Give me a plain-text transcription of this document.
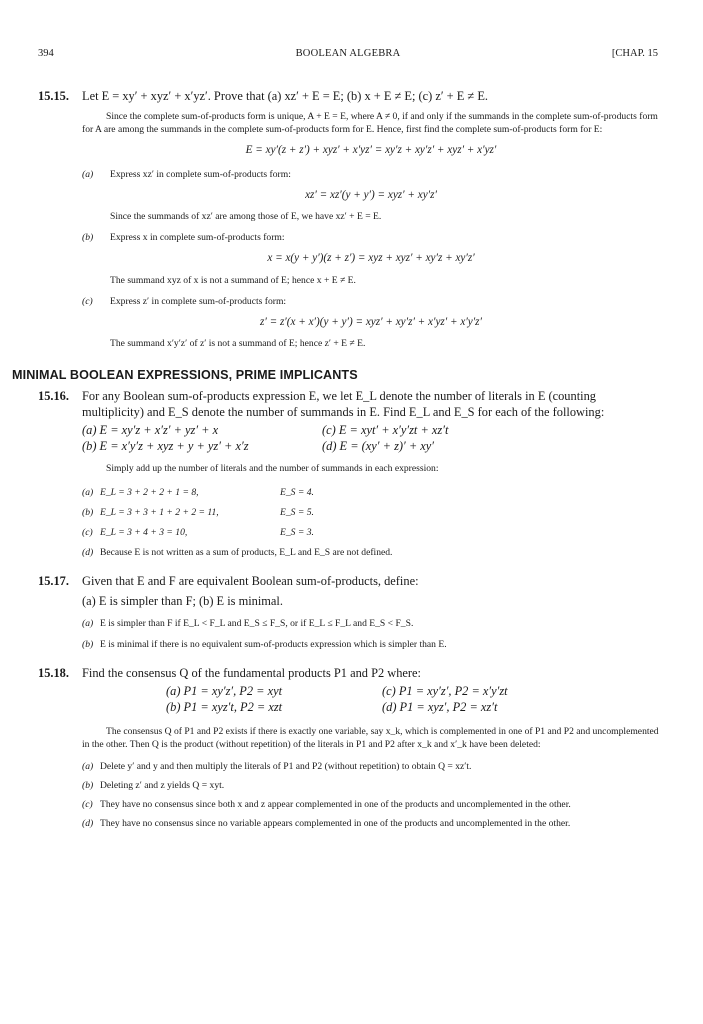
394	BOOLEAN ALGEBRA	[CHAP. 15
15.15. Let E = xy′ + xyz′ + x′yz′. Prove that (a) xz′ + E = E; (b) x + E ≠ E; (c) z′ + E ≠ E.
Since the complete sum-of-products form is unique, A + E = E, where A ≠ 0, if and only if the summands in the complete sum-of-products form for A are among the summands in the complete sum-of-products form for E. Hence, first find the complete sum-of-products form for E:
E = xy′(z + z′) + xyz′ + x′yz′ = xy′z + xy′z′ + xyz′ + x′yz′
(a) Express xz′ in complete sum-of-products form:
xz′ = xz′(y + y′) = xyz′ + xy′z′
Since the summands of xz′ are among those of E, we have xz′ + E = E.
(b) Express x in complete sum-of-products form:
x = x(y + y′)(z + z′) = xyz + xyz′ + xy′z + xy′z′
The summand xyz of x is not a summand of E; hence x + E ≠ E.
(c) Express z′ in complete sum-of-products form:
z′ = z′(x + x′)(y + y′) = xyz′ + xy′z′ + x′yz′ + x′y′z′
The summand x′y′z′ of z′ is not a summand of E; hence z′ + E ≠ E.
MINIMAL BOOLEAN EXPRESSIONS, PRIME IMPLICANTS
15.16. For any Boolean sum-of-products expression E, we let E_L denote the number of literals in E (counting multiplicity) and E_S denote the number of summands in E. Find E_L and E_S for each of the following:
(a) E = xy′z + x′z′ + yz′ + x	(c) E = xyt′ + x′y′zt + xz′t
(b) E = x′y′z + xyz + y + yz′ + x′z	(d) E = (xy′ + z)′ + xy′
Simply add up the number of literals and the number of summands in each expression:
(a) E_L = 3 + 2 + 2 + 1 = 8,	E_S = 4.
(b) E_L = 3 + 3 + 1 + 2 + 2 = 11,	E_S = 5.
(c) E_L = 3 + 4 + 3 = 10,	E_S = 3.
(d) Because E is not written as a sum of products, E_L and E_S are not defined.
15.17. Given that E and F are equivalent Boolean sum-of-products, define:
(a) E is simpler than F; (b) E is minimal.
(a) E is simpler than F if E_L < F_L and E_S ≤ F_S, or if E_L ≤ F_L and E_S < F_S.
(b) E is minimal if there is no equivalent sum-of-products expression which is simpler than E.
15.18. Find the consensus Q of the fundamental products P1 and P2 where:
(a) P1 = xy′z′, P2 = xyt	(c) P1 = xy′z′, P2 = x′y′zt
(b) P1 = xyz′t, P2 = xzt	(d) P1 = xyz′, P2 = xz′t
The consensus Q of P1 and P2 exists if there is exactly one variable, say x_k, which is complemented in one of P1 and P2 and uncomplemented in the other. Then Q is the product (without repetition) of the literals in P1 and P2 after x_k and x′_k have been deleted:
(a) Delete y′ and y and then multiply the literals of P1 and P2 (without repetition) to obtain Q = xz′t.
(b) Deleting z′ and z yields Q = xyt.
(c) They have no consensus since both x and z appear complemented in one of the products and uncomplemented in the other.
(d) They have no consensus since no variable appears complemented in one of the products and uncomplemented in the other.
